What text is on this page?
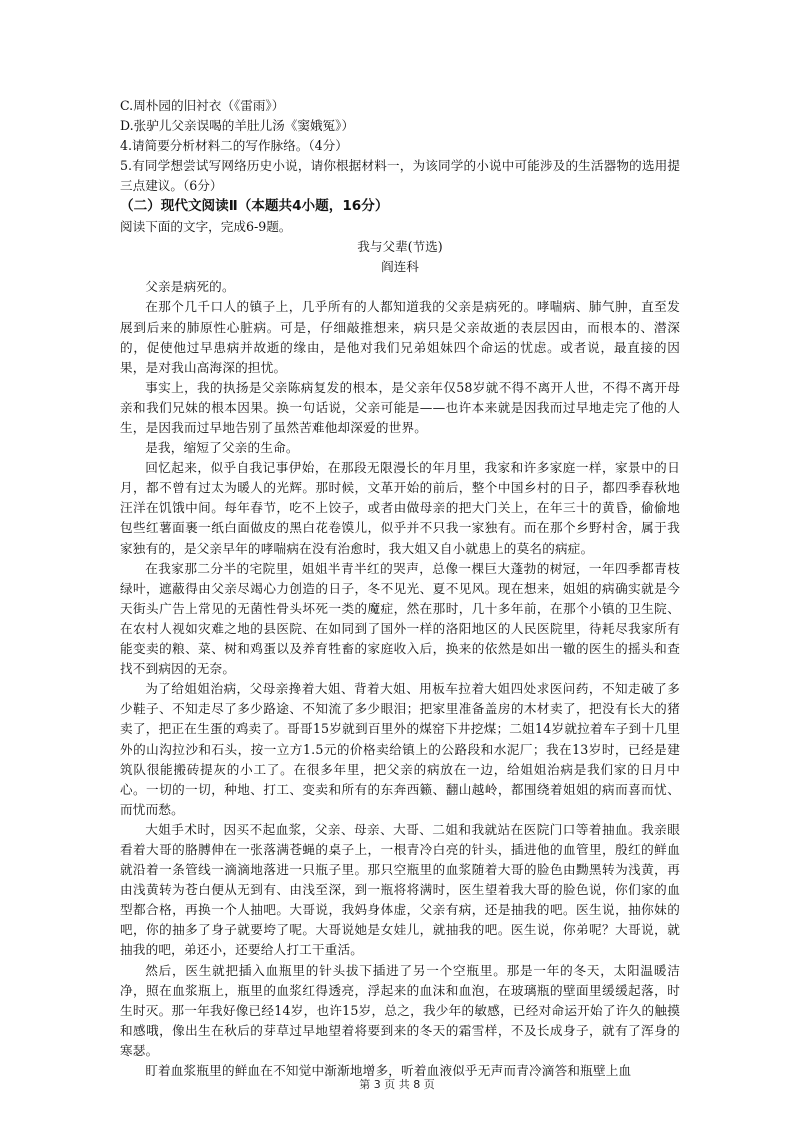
C.周朴园的旧衬衣（《雷雨》）
D.张驴儿父亲误喝的羊肚儿汤《窦娥冤》）
4.请简要分析材料二的写作脉络。（4分）
5.有同学想尝试写网络历史小说，请你根据材料一，为该同学的小说中可能涉及的生活器物的选用提三点建议。（6分）
（二）现代文阅读Ⅱ（本题共4小题，16分）
阅读下面的文字，完成6-9题。
我与父辈(节选)
阎连科

父亲是病死的。

在那个几千口人的镇子上，几乎所有的人都知道我的父亲是病死的。哮喘病、肺气肿，直至发展到后来的肺原性心脏病。可是，仔细敲推想来，病只是父亲故逝的表层因由，而根本的、潜深的，促使他过早患病并故逝的缘由，是他对我们兄弟姐妹四个命运的忧虑。或者说，最直接的因果，是对我山高海深的担忧。

事实上，我的执扬是父亲陈病复发的根本，是父亲年仅58岁就不得不离开人世，不得不离开母亲和我们兄妹的根本因果。换一句话说，父亲可能是——也许本来就是因我而过早地走完了他的人生，是因我而过早地告别了虽然苦难他却深爱的世界。

是我，缩短了父亲的生命。

回忆起来，似乎自我记事伊始，在那段无限漫长的年月里，我家和许多家庭一样，家景中的日月，都不曾有过太为暖人的光辉。那时候，文革开始的前后，整个中国乡村的日子，都四季春秋地汪洋在饥饿中间。每年春节，吃不上饺子，或者由做母亲的把大门关上，在年三十的黄昏，偷偷地包些红薯面裹一纸白面做皮的黑白花卷馍儿，似乎并不只我一家独有。而在那个乡野村舍，属于我家独有的，是父亲早年的哮喘病在没有治愈时，我大姐又自小就患上的莫名的病症。

在我家那二分半的宅院里，姐姐半青半红的哭声，总像一棵巨大蓬勃的树冠，一年四季都青枝绿叶，遮蔽得由父亲尽竭心力创造的日子，冬不见光、夏不见风。现在想来，姐姐的病确实就是今天街头广告上常见的无菌性骨头坏死一类的魔症，然在那时，几十多年前，在那个小镇的卫生院、在农村人视如灾难之地的县医院、在如同到了国外一样的洛阳地区的人民医院里，待耗尽我家所有能变卖的粮、菜、树和鸡蛋以及养育牲畜的家庭收入后，换来的依然是如出一辙的医生的摇头和查找不到病因的无奈。

为了给姐姐治病，父母亲搀着大姐、背着大姐、用板车拉着大姐四处求医问药，不知走破了多少鞋子、不知走尽了多少路途、不知流了多少眼泪；把家里准备盖房的木材卖了，把没有长大的猪卖了，把正在生蛋的鸡卖了。哥哥15岁就到百里外的煤窑下井挖煤；二姐14岁就拉着车子到十几里外的山沟拉沙和石头，按一立方1.5元的价格卖给镇上的公路段和水泥厂；我在13岁时，已经是建筑队很能搬砖提灰的小工了。在很多年里，把父亲的病放在一边，给姐姐治病是我们家的日月中心。一切的一切，种地、打工、变卖和所有的东奔西籁、翻山越岭，都围绕着姐姐的病而喜而忧、而忧而愁。

大姐手术时，因买不起血浆，父亲、母亲、大哥、二姐和我就站在医院门口等着抽血。我亲眼看着大哥的胳膊伸在一张落满苍蝇的桌子上，一根青冷白亮的针头，插进他的血管里，殷红的鲜血就沿着一条管线一滴滴地落进一只瓶子里。那只空瓶里的血浆随着大哥的脸色由黝黑转为浅黄，再由浅黄转为苍白便从无到有、由浅至深，到一瓶将将满时，医生望着我大哥的脸色说，你们家的血型都合格，再换一个人抽吧。大哥说，我妈身体虚，父亲有病，还是抽我的吧。医生说，抽你妹的吧，你的抽多了身子就要垮了呢。大哥说她是女娃儿，就抽我的吧。医生说，你弟呢？大哥说，就抽我的吧，弟还小，还要给人打工干重活。

然后，医生就把插入血瓶里的针头拔下插进了另一个空瓶里。那是一年的冬天，太阳温暖洁净，照在血浆瓶上，瓶里的血浆红得透亮，浮起来的血沫和血泡，在玻璃瓶的壁面里缓缓起落，时生时灭。那一年我好像已经14岁，也许15岁，总之，我少年的敏感，已经对命运开始了许久的触摸和感哦，像出生在秋后的芽草过早地望着将要到来的冬天的霜雪样，不及长成身子，就有了浑身的寒瑟。

盯着血浆瓶里的鲜血在不知觉中渐渐地增多，听着血液似乎无声而青冷滴答和瓶壁上血

第 3 页 共 8 页
